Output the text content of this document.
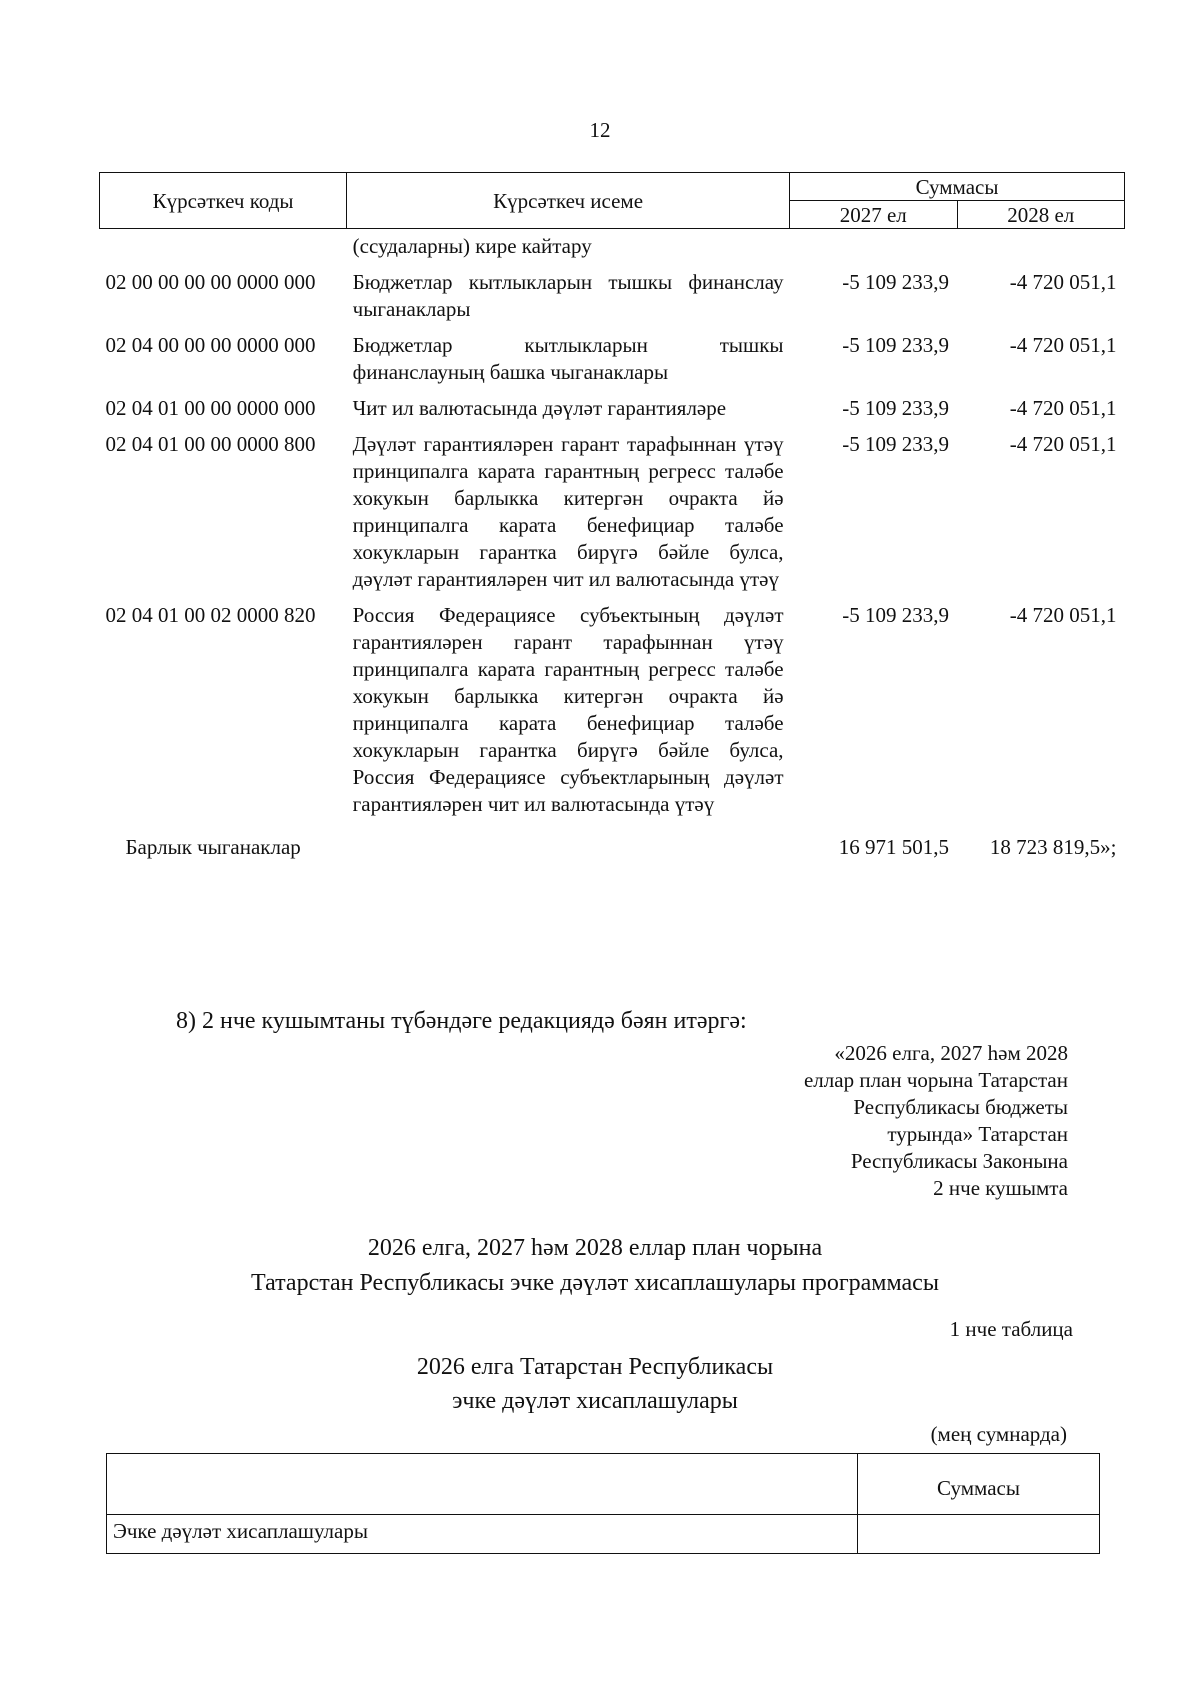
12
Күрсәткеч коды	Күрсәткеч исеме	Суммасы	
		2027 ел	2028 ел
	(ссудаларны) кире кайтару		
02 00 00 00 00 0000 000	Бюджетлар кытлыкларын тышкы финанслау чыганаклары	-5 109 233,9	-4 720 051,1
02 04 00 00 00 0000 000	Бюджетлар кытлыкларын тышкы финанслауның башка чыганаклары	-5 109 233,9	-4 720 051,1
02 04 01 00 00 0000 000	Чит ил валютасында дәүләт гарантияләре	-5 109 233,9	-4 720 051,1
02 04 01 00 00 0000 800	Дәүләт гарантияләрен гарант тарафыннан үтәү принципалга карата гарантның регресс таләбе хокукын барлыкка китергән очракта йә принципалга карата бенефициар таләбе хокукларын гарантка бирүгә бәйле булса, дәүләт гарантияләрен чит ил валютасында үтәү	-5 109 233,9	-4 720 051,1
02 04 01 00 02 0000 820	Россия Федерациясе субъектының дәүләт гарантияләрен гарант тарафыннан үтәү принципалга карата гарантның регресс таләбе хокукын барлыкка китергән очракта йә принципалга карата бенефициар таләбе хокукларын гарантка бирүгә бәйле булса, Россия Федерациясе субъектларының дәүләт гарантияләрен чит ил валютасында үтәү	-5 109 233,9	-4 720 051,1
Барлык чыганаклар		16 971 501,5	18 723 819,5»;
8) 2 нче кушымтаны түбәндәге редакциядә бәян итәргә:
«2026 елга, 2027 һәм 2028
еллар план чорына Татарстан
Республикасы бюджеты
турында» Татарстан
Республикасы Законына
2 нче кушымта
2026 елга, 2027 һәм 2028 еллар план чорына
Татарстан Республикасы эчке дәүләт хисаплашулары программасы
1 нче таблица
2026 елга Татарстан Республикасы
эчке дәүләт хисаплашулары
(мең сумнарда)
	Суммасы
Эчке дәүләт хисаплашулары	
